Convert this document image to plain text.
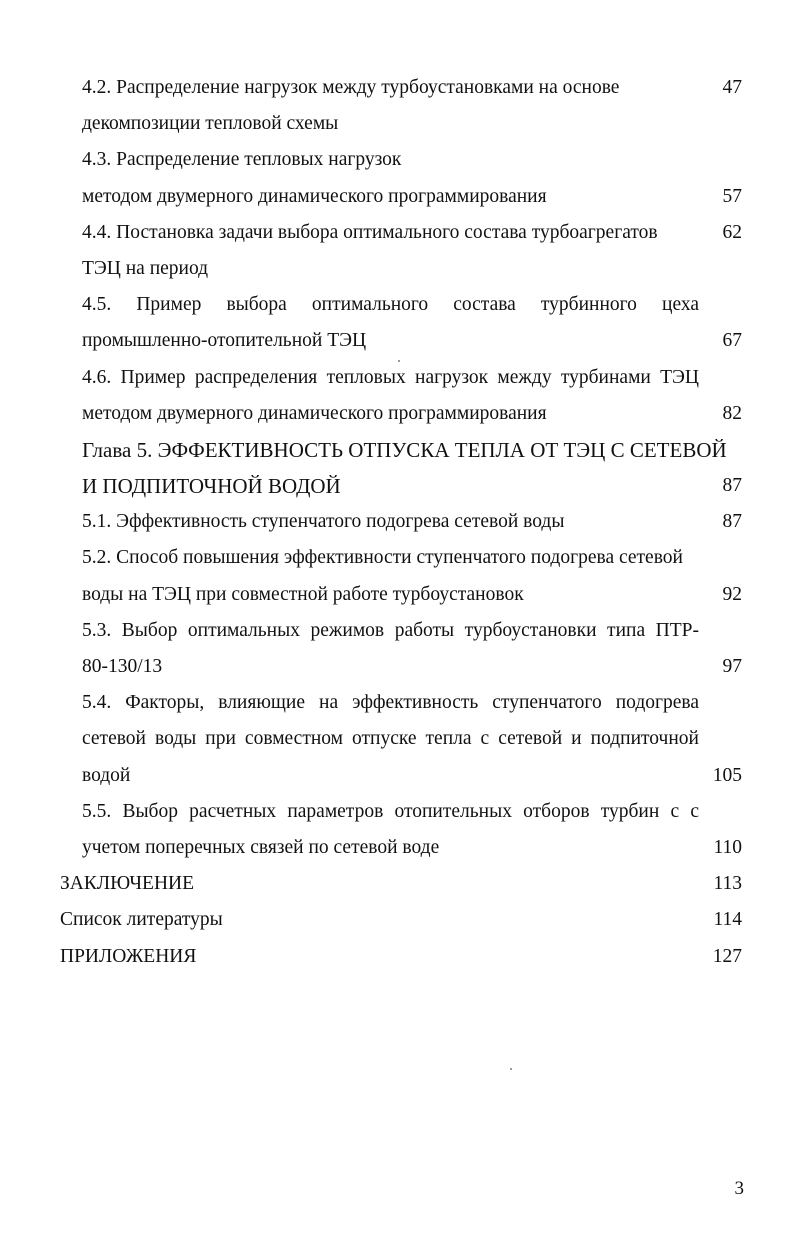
4.2. Распределение нагрузок между турбоустановками на основе	47
декомпозиции тепловой схемы
4.3. Распределение тепловых нагрузок
методом двумерного динамического программирования	57
4.4. Постановка задачи выбора оптимального состава турбоагрегатов	62
ТЭЦ на период
4.5. Пример выбора оптимального состава турбинного цеха
промышленно-отопительной ТЭЦ	67
4.6. Пример распределения тепловых нагрузок между турбинами ТЭЦ
методом двумерного динамического программирования	82
Глава 5. ЭФФЕКТИВНОСТЬ ОТПУСКА ТЕПЛА ОТ ТЭЦ С СЕТЕВОЙ
И ПОДПИТОЧНОЙ ВОДОЙ	87
5.1. Эффективность ступенчатого подогрева сетевой воды	87
5.2. Способ повышения эффективности ступенчатого подогрева сетевой
воды на ТЭЦ при совместной работе турбоустановок	92
5.3. Выбор оптимальных режимов работы турбоустановки типа ПТР-
80-130/13	97
5.4. Факторы, влияющие на эффективность ступенчатого подогрева
сетевой воды при совместном отпуске тепла с сетевой и подпиточной
водой	105
5.5. Выбор расчетных параметров отопительных отборов турбин с с
учетом поперечных связей по сетевой воде	110
ЗАКЛЮЧЕНИЕ	113
Список литературы	114
ПРИЛОЖЕНИЯ	127
3
